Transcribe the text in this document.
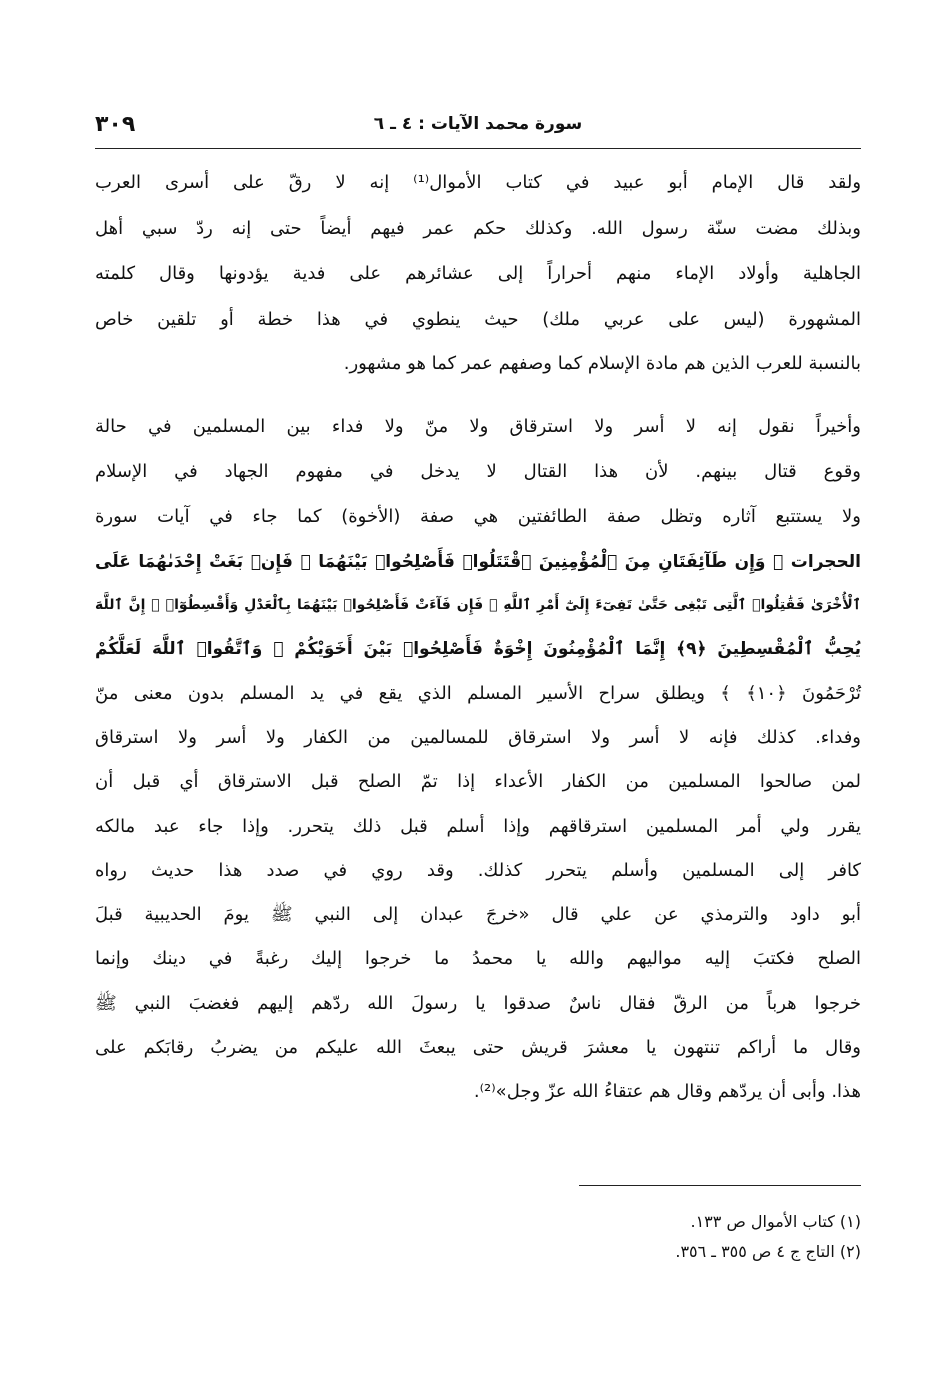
٣٠٩	سورة محمد الآيات : ٤ ـ ٦
ولقد قال الإمام أبو عبيد في كتاب الأموال⁽¹⁾ إنه لا رقّ على أسرى العرب
وبذلك مضت سنّة رسول الله. وكذلك حكم عمر فيهم أيضاً حتى إنه ردّ سبي أهل
الجاهلية وأولاد الإماء منهم أحراراً إلى عشائرهم على فدية يؤدونها وقال كلمته
المشهورة (ليس على عربي ملك) حيث ينطوي في هذا خطة أو تلقين خاص
بالنسبة للعرب الذين هم مادة الإسلام كما وصفهم عمر كما هو مشهور.
وأخيراً نقول إنه لا أسر ولا استرقاق ولا منّ ولا فداء بين المسلمين في حالة
وقوع قتال بينهم. لأن هذا القتال لا يدخل في مفهوم الجهاد في الإسلام
ولا يستتبع آثاره وتظل صفة الطائفتين هي صفة (الأخوة) كما جاء في آيات سورة
الحجرات ﴿ وَإِن طَآئِفَتَانِ مِنَ ٱلْمُؤْمِنِينَ ٱقْتَتَلُوا۟ فَأَصْلِحُوا۟ بَيْنَهُمَا ۖ فَإِنۢ بَغَتْ إِحْدَىٰهُمَا عَلَى
ٱلْأُخْرَىٰ فَقَٰتِلُوا۟ ٱلَّتِى تَبْغِى حَتَّىٰ تَفِىٓءَ إِلَىٰٓ أَمْرِ ٱللَّهِ ۚ فَإِن فَآءَتْ فَأَصْلِحُوا۟ بَيْنَهُمَا بِٱلْعَدْلِ وَأَقْسِطُوٓا۟ ۖ إِنَّ ٱللَّهَ
يُحِبُّ ٱلْمُقْسِطِينَ ﴿٩﴾ إِنَّمَا ٱلْمُؤْمِنُونَ إِخْوَةٌ فَأَصْلِحُوا۟ بَيْنَ أَخَوَيْكُمْ ۚ وَٱتَّقُوا۟ ٱللَّهَ لَعَلَّكُمْ
تُرْحَمُونَ ﴿١٠﴾ ﴾ ويطلق سراح الأسير المسلم الذي يقع في يد المسلم بدون معنى منّ
وفداء. كذلك فإنه لا أسر ولا استرقاق للمسالمين من الكفار ولا أسر ولا استرقاق
لمن صالحوا المسلمين من الكفار الأعداء إذا تمّ الصلح قبل الاسترقاق أي قبل أن
يقرر ولي أمر المسلمين استرقاقهم وإذا أسلم قبل ذلك يتحرر. وإذا جاء عبد مالكه
كافر إلى المسلمين وأسلم يتحرر كذلك. وقد روي في صدد هذا حديث رواه
أبو داود والترمذي عن علي قال «خرجَ عبدان إلى النبي ﷺ يومَ الحديبية قبلَ
الصلح فكتبَ إليه مواليهم والله يا محمدُ ما خرجوا إليك رغبةً في دينك وإنما
خرجوا هرباً من الرقّ فقال ناسٌ صدقوا يا رسولَ الله ردّهم إليهم فغضبَ النبي ﷺ
وقال ما أراكم تنتهون يا معشرَ قريش حتى يبعثَ الله عليكم من يضربُ رقابَكم على
هذا. وأبى أن يردّهم وقال هم عتقاءُ الله عزّ وجل»⁽²⁾.
(١) كتاب الأموال ص ١٣٣.
(٢) التاج ج ٤ ص ٣٥٥ ـ ٣٥٦.
